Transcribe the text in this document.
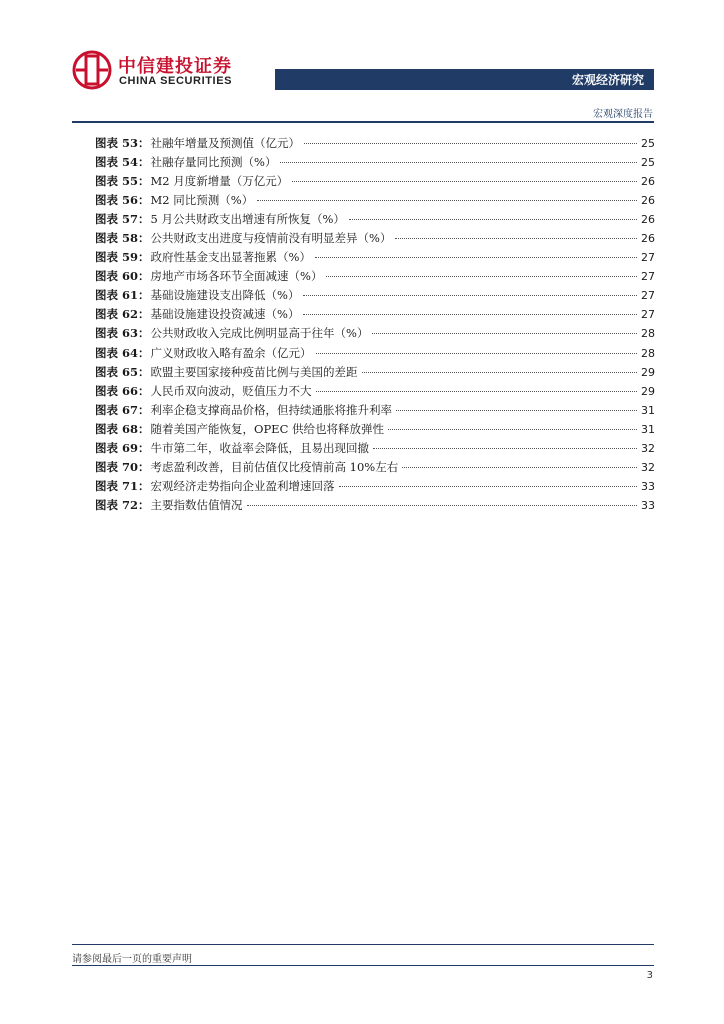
中信建投证券
CHINA SECURITIES	宏观经济研究
宏观深度报告
图表 53： 社融年增量及预测值（亿元）	25
图表 54： 社融存量同比预测（%）	25
图表 55： M2 月度新增量（万亿元）	26
图表 56： M2 同比预测（%）	26
图表 57： 5 月公共财政支出增速有所恢复（%）	26
图表 58： 公共财政支出进度与疫情前没有明显差异（%）	26
图表 59： 政府性基金支出显著拖累（%）	27
图表 60： 房地产市场各环节全面减速（%）	27
图表 61： 基础设施建设支出降低（%）	27
图表 62： 基础设施建设投资减速（%）	27
图表 63： 公共财政收入完成比例明显高于往年（%）	28
图表 64： 广义财政收入略有盈余（亿元）	28
图表 65： 欧盟主要国家接种疫苗比例与美国的差距	29
图表 66： 人民币双向波动，贬值压力不大	29
图表 67： 利率企稳支撑商品价格，但持续通胀将推升利率	31
图表 68： 随着美国产能恢复，OPEC 供给也将释放弹性	31
图表 69： 牛市第二年，收益率会降低，且易出现回撤	32
图表 70： 考虑盈利改善，目前估值仅比疫情前高 10%左右	32
图表 71： 宏观经济走势指向企业盈利增速回落	33
图表 72： 主要指数估值情况	33
请参阅最后一页的重要声明
3
